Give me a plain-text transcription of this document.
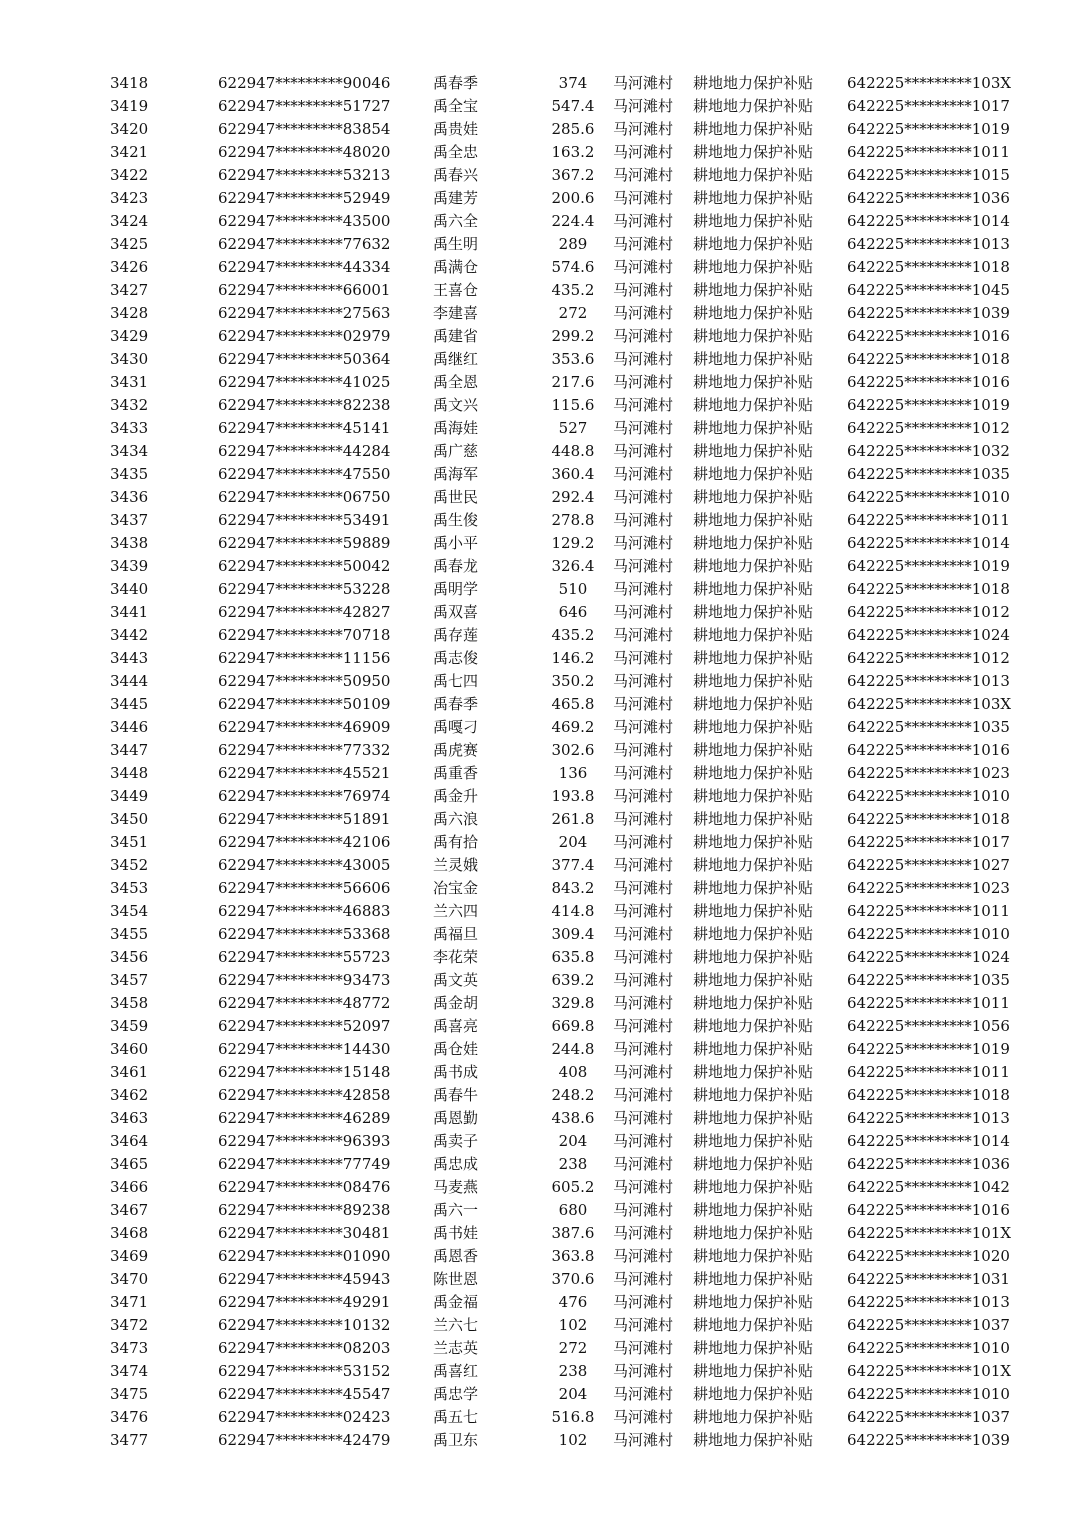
3418	622947*********90046	禹春季	374	马河滩村	耕地地力保护补贴	642225*********103X
3419	622947*********51727	禹全宝	547.4	马河滩村	耕地地力保护补贴	642225*********1017
3420	622947*********83854	禹贵娃	285.6	马河滩村	耕地地力保护补贴	642225*********1019
3421	622947*********48020	禹全忠	163.2	马河滩村	耕地地力保护补贴	642225*********1011
3422	622947*********53213	禹春兴	367.2	马河滩村	耕地地力保护补贴	642225*********1015
3423	622947*********52949	禹建芳	200.6	马河滩村	耕地地力保护补贴	642225*********1036
3424	622947*********43500	禹六全	224.4	马河滩村	耕地地力保护补贴	642225*********1014
3425	622947*********77632	禹生明	289	马河滩村	耕地地力保护补贴	642225*********1013
3426	622947*********44334	禹满仓	574.6	马河滩村	耕地地力保护补贴	642225*********1018
3427	622947*********66001	王喜仓	435.2	马河滩村	耕地地力保护补贴	642225*********1045
3428	622947*********27563	李建喜	272	马河滩村	耕地地力保护补贴	642225*********1039
3429	622947*********02979	禹建省	299.2	马河滩村	耕地地力保护补贴	642225*********1016
3430	622947*********50364	禹继红	353.6	马河滩村	耕地地力保护补贴	642225*********1018
3431	622947*********41025	禹全恩	217.6	马河滩村	耕地地力保护补贴	642225*********1016
3432	622947*********82238	禹文兴	115.6	马河滩村	耕地地力保护补贴	642225*********1019
3433	622947*********45141	禹海娃	527	马河滩村	耕地地力保护补贴	642225*********1012
3434	622947*********44284	禹广慈	448.8	马河滩村	耕地地力保护补贴	642225*********1032
3435	622947*********47550	禹海军	360.4	马河滩村	耕地地力保护补贴	642225*********1035
3436	622947*********06750	禹世民	292.4	马河滩村	耕地地力保护补贴	642225*********1010
3437	622947*********53491	禹生俊	278.8	马河滩村	耕地地力保护补贴	642225*********1011
3438	622947*********59889	禹小平	129.2	马河滩村	耕地地力保护补贴	642225*********1014
3439	622947*********50042	禹春龙	326.4	马河滩村	耕地地力保护补贴	642225*********1019
3440	622947*********53228	禹明学	510	马河滩村	耕地地力保护补贴	642225*********1018
3441	622947*********42827	禹双喜	646	马河滩村	耕地地力保护补贴	642225*********1012
3442	622947*********70718	禹存莲	435.2	马河滩村	耕地地力保护补贴	642225*********1024
3443	622947*********11156	禹志俊	146.2	马河滩村	耕地地力保护补贴	642225*********1012
3444	622947*********50950	禹七四	350.2	马河滩村	耕地地力保护补贴	642225*********1013
3445	622947*********50109	禹春季	465.8	马河滩村	耕地地力保护补贴	642225*********103X
3446	622947*********46909	禹嘎刁	469.2	马河滩村	耕地地力保护补贴	642225*********1035
3447	622947*********77332	禹虎赛	302.6	马河滩村	耕地地力保护补贴	642225*********1016
3448	622947*********45521	禹重香	136	马河滩村	耕地地力保护补贴	642225*********1023
3449	622947*********76974	禹金升	193.8	马河滩村	耕地地力保护补贴	642225*********1010
3450	622947*********51891	禹六浪	261.8	马河滩村	耕地地力保护补贴	642225*********1018
3451	622947*********42106	禹有拾	204	马河滩村	耕地地力保护补贴	642225*********1017
3452	622947*********43005	兰灵娥	377.4	马河滩村	耕地地力保护补贴	642225*********1027
3453	622947*********56606	冶宝金	843.2	马河滩村	耕地地力保护补贴	642225*********1023
3454	622947*********46883	兰六四	414.8	马河滩村	耕地地力保护补贴	642225*********1011
3455	622947*********53368	禹福旦	309.4	马河滩村	耕地地力保护补贴	642225*********1010
3456	622947*********55723	李花荣	635.8	马河滩村	耕地地力保护补贴	642225*********1024
3457	622947*********93473	禹文英	639.2	马河滩村	耕地地力保护补贴	642225*********1035
3458	622947*********48772	禹金胡	329.8	马河滩村	耕地地力保护补贴	642225*********1011
3459	622947*********52097	禹喜亮	669.8	马河滩村	耕地地力保护补贴	642225*********1056
3460	622947*********14430	禹仓娃	244.8	马河滩村	耕地地力保护补贴	642225*********1019
3461	622947*********15148	禹书成	408	马河滩村	耕地地力保护补贴	642225*********1011
3462	622947*********42858	禹春牛	248.2	马河滩村	耕地地力保护补贴	642225*********1018
3463	622947*********46289	禹恩勤	438.6	马河滩村	耕地地力保护补贴	642225*********1013
3464	622947*********96393	禹卖子	204	马河滩村	耕地地力保护补贴	642225*********1014
3465	622947*********77749	禹忠成	238	马河滩村	耕地地力保护补贴	642225*********1036
3466	622947*********08476	马麦燕	605.2	马河滩村	耕地地力保护补贴	642225*********1042
3467	622947*********89238	禹六一	680	马河滩村	耕地地力保护补贴	642225*********1016
3468	622947*********30481	禹书娃	387.6	马河滩村	耕地地力保护补贴	642225*********101X
3469	622947*********01090	禹恩香	363.8	马河滩村	耕地地力保护补贴	642225*********1020
3470	622947*********45943	陈世恩	370.6	马河滩村	耕地地力保护补贴	642225*********1031
3471	622947*********49291	禹金福	476	马河滩村	耕地地力保护补贴	642225*********1013
3472	622947*********10132	兰六七	102	马河滩村	耕地地力保护补贴	642225*********1037
3473	622947*********08203	兰志英	272	马河滩村	耕地地力保护补贴	642225*********1010
3474	622947*********53152	禹喜红	238	马河滩村	耕地地力保护补贴	642225*********101X
3475	622947*********45547	禹忠学	204	马河滩村	耕地地力保护补贴	642225*********1010
3476	622947*********02423	禹五七	516.8	马河滩村	耕地地力保护补贴	642225*********1037
3477	622947*********42479	禹卫东	102	马河滩村	耕地地力保护补贴	642225*********1039
